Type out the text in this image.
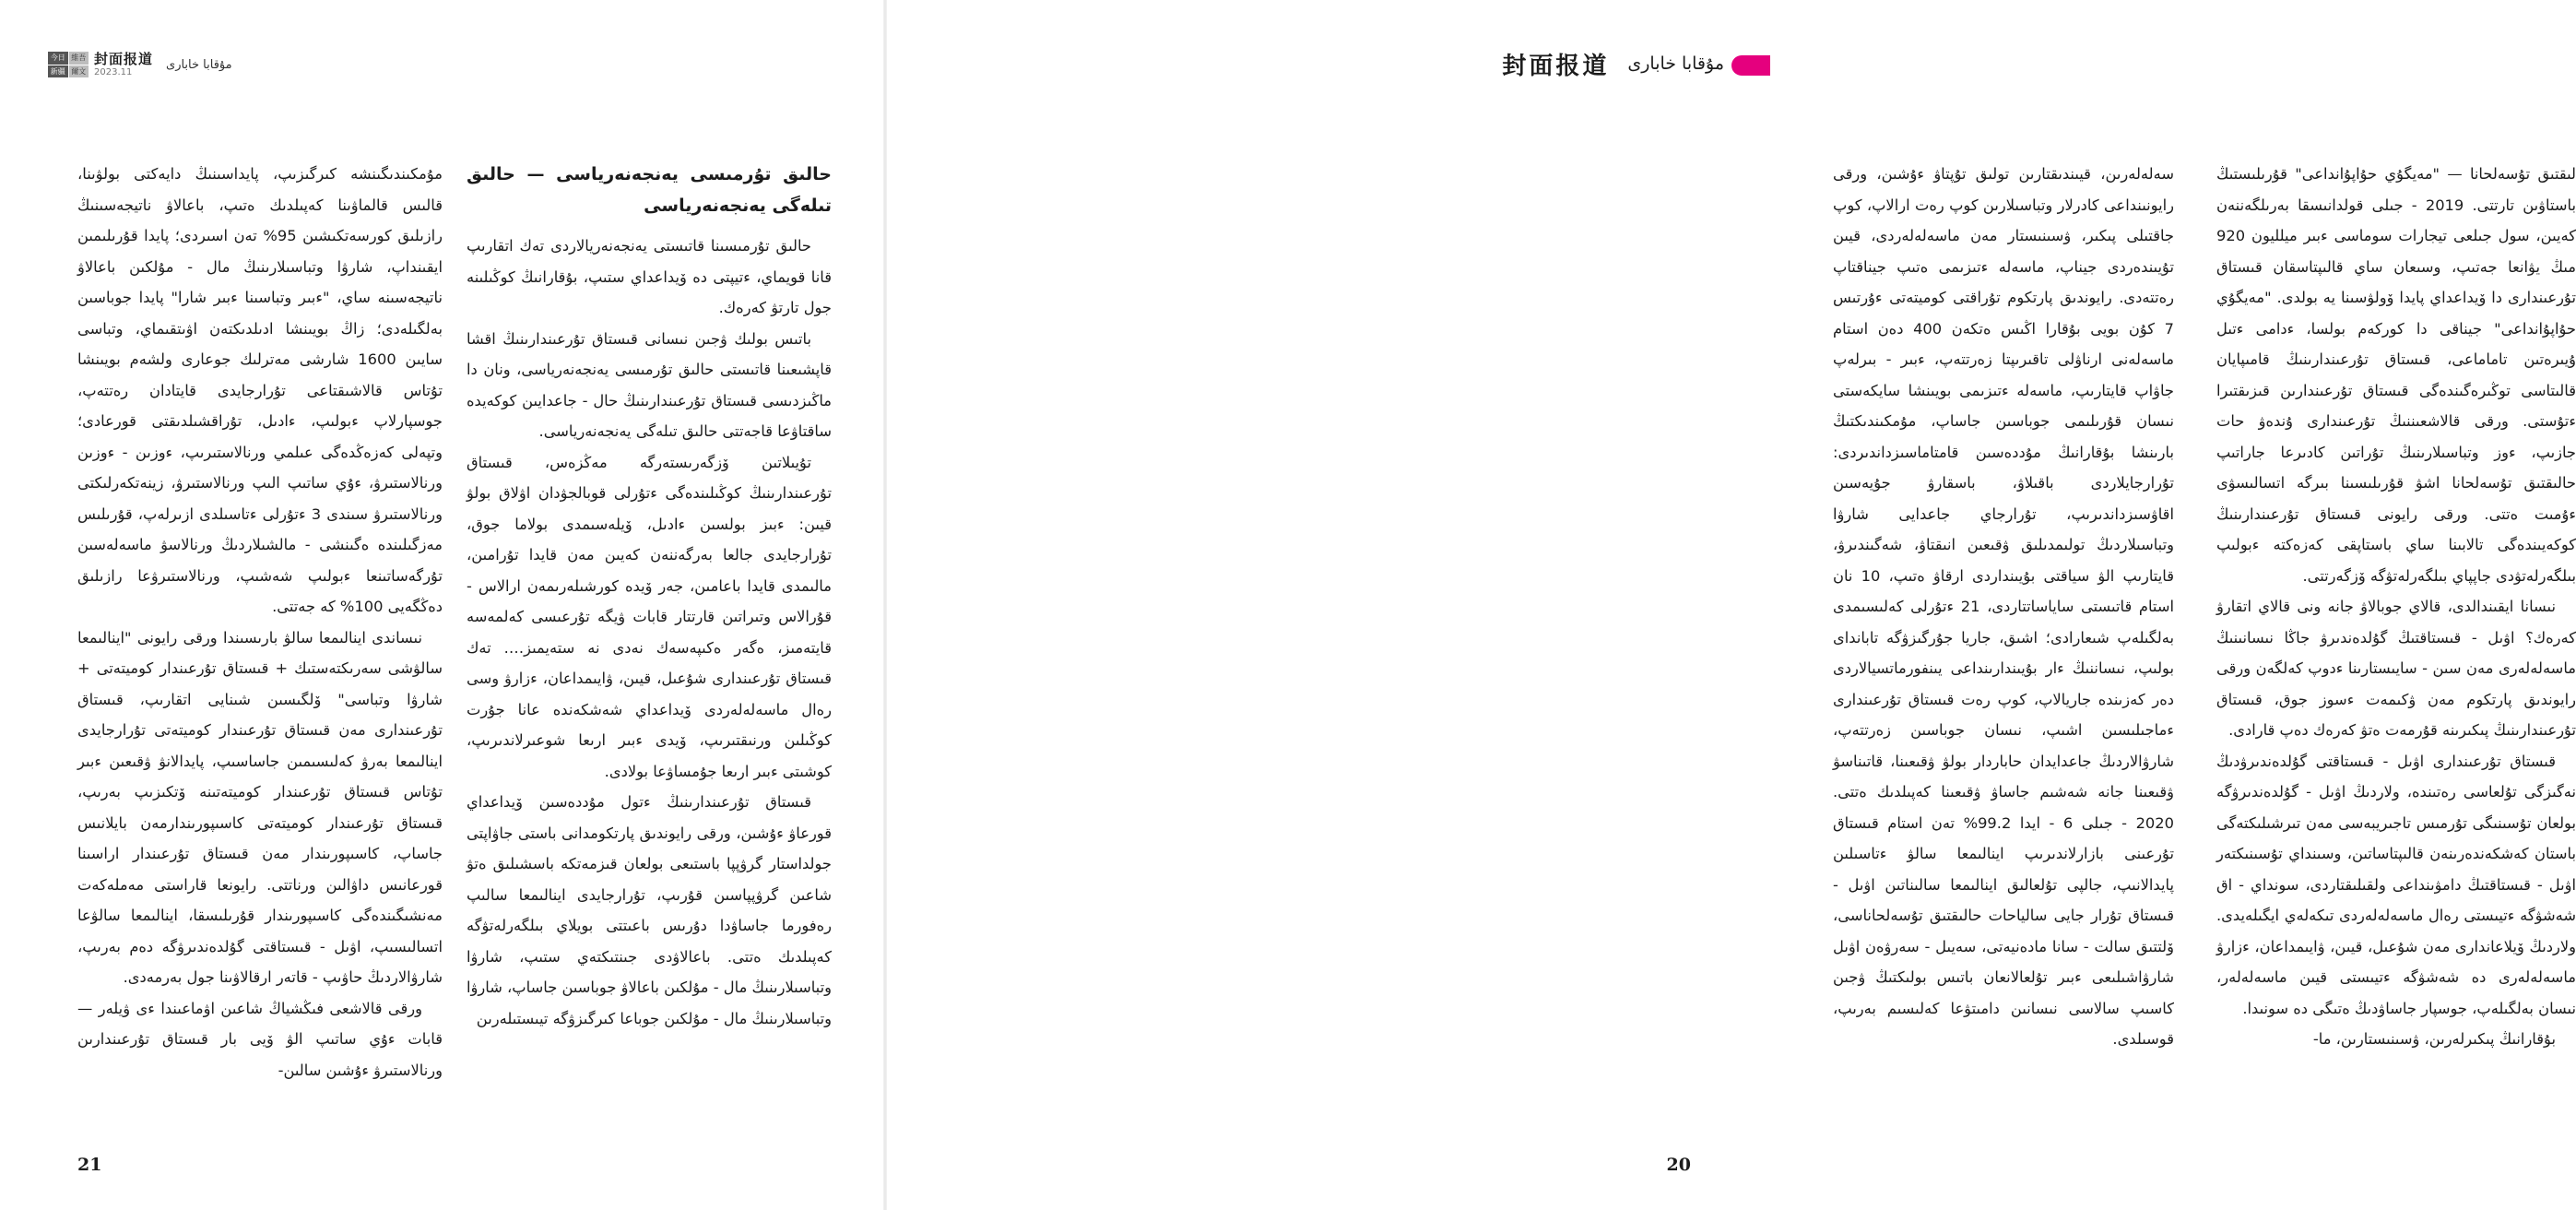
今日 維吾
新疆 爾文
封面报道
2023.11
مۇقابا خابارى
حالىق تۇرمىسى يەنجەنەرياسى — حالىق تىلەگى يەنجەنەرياسى

حالىق تۇرمىسىنا قاتىستى يەنجەنەريالاردى تەك اتقارىپ قانا قويماي، ءتيپتى دە ۆيداعداي ستىپ، بۇقارانىڭ كوڭىلىنە جول تارتۋ كەرەك.

باتىس بولىك ۋجىن نىسانى قىستاق تۇرعىندارىنىڭ اقشا قاپشىعىنا قاتىستى حالىق تۇرمىسى يەنجەنەرياسى، ونان دا ماڭىزدىسى قىستاق تۇرعىندارىنىڭ حال - جاعدايىن كوكەيدە ساقتاۋعا قاجەتتى حالىق تىلەگى يەنجەنەرياسى.

تۇيىلاتىن ۆزگەرىستەرگە مەڭزەس، قىستاق تۇرعىندارىنىڭ كوڭىلىندەگى ءتۇرلى قوبالجۋدان اۋلاق بولۋ قيىن: ءبىز بولسىن ءادىل، ۆيلەسىمدى بولاما جوق، تۇرارجايدى جالعا بەرگەننەن كەيىن مەن قايدا تۇرامىن، مالىمدى قايدا باعامىن، جەر ۆيدە كورشىلەرىمەن ارالاس - قۇرالاس وتىراتىن قارتتار قابات ۋيگە تۇرعىسى كەلمەسە قايتەمىز، ەگەر ەكىپەسەك نەدى نە ستەيمىز…. تەك قىستاق تۇرعىندارى شۇعىل، قيىن، ۋايىمداعان، ءزارۋ وسى رەال ماسەلەلەردى ۆيداعداي شەشكەندە عانا جۇرت كوڭىلىن ورنىقتىرىپ، ۆيدى ءبىر ارىعا شوعىرلاندىرىپ، كوشىتى ءبىر ارىعا جۇمساۋعا بولادى.

قىستاق تۇرعىندارىنىڭ ءتول مۇددەسىن ۆيداعداي قورعاۋ ءۇشىن، ورقى رايوندىق پارتكومدانى باستى جاۋاپتى جولداستار گرۋپپا باستىعى بولعان قىزمەتكە باسشىلىق ەتۋ شاعىن گرۋپپاسىن قۇرىپ، تۇرارجايدى اينالىمعا سالىپ رەفورما جاساۋدا دۇرىس باعىتتى بويلاي بىلگەرلەتۋگە كەپىلدىك ەتتى. باعالاۋدى جىنتىكتەي ستىپ، شارۋا وتباسىلارىنىڭ مال - مۇلكىن باعالاۋ جوباسىن جاساپ، شارۋا وتباسىلارىنىڭ مال - مۇلكىن جوباعا كىرگىزۋگە تيىستىلەرىن

مۇمكىندىگىنشە كىرگىزىپ، پايداسىنىڭ دايەكتى بولۋىنا، قالىس قالماۋىنا كەپىلدىك ەتىپ، باعالاۋ ناتيجەسىنىڭ رازىلىق كورسەتكىشىن 95% تەن اسىردى؛ پايدا قۇرىلىمىن ايقىنداپ، شارۋا وتباسىلارىنىڭ مال - مۇلكىن باعالاۋ ناتيجەسىنە ساي، "ءبىر وتباسىنا ءبىر شارا" پايدا جوباسىن بەلگىلەدى؛ زاڭ بويىنشا ادىلدىكتەن اۋىتقىماي، وتباسى سايىن 1600 شارشى مەترلىك جوعارى ولشەم بويىنشا تۇتاس قالاشىقتاعى تۇرارجايدى قايتادان رەتتەپ، جوسپارلاپ ءبولىپ، ءادىل، تۇراقشىلدىقتى قورعادى؛ وتپەلى كەزەڭدەگى عىلمي ورنالاستىرىپ، ءوزىن - ءوزىن ورنالاستىرۋ، ءۇي ساتىپ الىپ ورنالاستىرۋ، زينەتكەرلىكتى ورنالاستىرۋ سىندى 3 ءتۇرلى ءتاسىلدى ازىرلەپ، قۇرىلىس مەزگىلىندە ەگىنشى - مالشىلاردىڭ ورنالاسۋ ماسەلەسىن تۇرگەساتىنعا ءبولىپ شەشىپ، ورنالاستىرۋعا رازىلىق دەڭگەيى 100% كە جەتتى.

نىساندى اينالىمعا سالۋ بارىسىندا ورقى رايونى "اينالىمعا سالۋشى سەرىكتەستىك + قىستاق تۇرعىندار كوميتەتى + شارۋا وتباسى" ۆلگىسىن شىنايى اتقارىپ، قىستاق تۇرعىندارى مەن قىستاق تۇرعىندار كوميتەتى تۇرارجايدى اينالىمعا بەرۋ كەلىسىمىن جاساسىپ، پايدالانۋ ۋقىعىن ءبىر تۇتاس قىستاق تۇرعىندار كوميتەتىنە ۆتكىزىپ بەرىپ، قىستاق تۇرعىندار كوميتەتى كاسىپورىندارمەن بايلانىس جاساپ، كاسىپورىندار مەن قىستاق تۇرعىندار اراسىنا قورعانىس داۋالىن ورناتتى. رايونعا قاراستى مەملەكەت مەنشىگىندەگى كاسىپورىندار قۇرىلىسقا، اينالىمعا سالۋعا اتسالىسىپ، اۋىل - قىستاقتى گۇلدەندىرۋگە دەم بەرىپ، شارۋالاردىڭ حاۋىپ - قاتەر ارقالاۋىنا جول بەرمەدى.

ورقى قالاشعى فىڭشياڭ شاعىن اۋماعىندا ءى ۋيلەر — قابات ءۇي ساتىپ الۋ ۆيى بار قىستاق تۇرعىندارىن ورنالاستىرۋ ءۇشىن سالىن-

21
封面报道 مۇقابا خابارى

سەلەلەرىن، قيىندىقتارىن تولىق تۇپتاۋ ءۇشىن، ورقى رايونىنداعى كادرلار وتباسىلارىن كوپ رەت ارالاپ، كوپ جاقتىلى پىكىر، ۋسىنىستار مەن ماسەلەلەردى، قيىن تۇيىندەردى جيناپ، ماسەلە ءتىزىمى ەتىپ جيناقتاپ رەتتەدى. رايوندىق پارتكوم تۇراقتى كوميتەتى ءۇرتىس 7 كۇن بويى بۇقارا اڭىس ەتكەن 400 دەن استام ماسەلەنى ارناۋلى تاقىرىپتا زەرتتەپ، ءبىر - بىرلەپ جاۋاپ قايتارىپ، ماسەلە ءتىزىمى بويىنشا سايكەستى نىسان قۇرىلىمى جوباسىن جاساپ، مۇمكىندىكتىڭ بارىنشا بۇقارانىڭ مۇددەسىن قامتاماسىزداندىردى: تۇرارجايلاردى باقىلاۋ، باسقارۋ جۇيەسىن اقاۋسىزداندىرىپ، تۇرارجاي جاعدايى شارۋا وتباسىلاردىڭ تولىمدىلىق ۋقىعىن انىقتاۋ، شەگىندىرۋ، قايتارىپ الۋ سياقتى بۇيىنداردى ارقاۋ ەتىپ، 10 نان استام قاتىستى ساياساتتاردى، 21 ءتۇرلى كەلىسىمدى بەلگىلەپ شىعارادى؛ اشىق، جاريا جۇرگىزۋگە تابانداى بولىپ، نىساننىڭ ءار بۇيىندارىنداعى يىنفورماتسيالاردى دەر كەزىندە جاريالاپ، كوپ رەت قىستاق تۇرعىندارى ءماجىلىسىن اشىپ، نىسان جوباسىن زەرتتەپ، شارۋالاردىڭ جاعدايدان حاباردار بولۋ ۋقىعىنا، قاتىناسۋ ۋقىعىنا جانە شەشىم جاساۋ ۋقىعىنا كەپىلدىك ەتتى. 2020 - جىلى 6 - ايدا 99.2% تەن استام قىستاق تۇرعىنى بازارلاندىرىپ اينالىمعا سالۋ ءتاسىلىن پايدالانىپ، جالپى تۇلعالىق اينالىمعا سالىناتىن اۋىل - قىستاق تۇرار جايى سالياحات حالىقتىق تۇسەلحاناسى، ۆلتتىق سالت - سانا مادەنيەتى، سەيىل - سەرۋەن اۋىل شارۋاشىلىعى ءبىر تۇلعالانعان باتىس بولىكتىڭ ۋجىن كاسىپ سالاسى نىسانىن دامىتۋعا كەلىسىم بەرىپ، قوسىلدى.

لىقتىق تۇسەلحانا — "مەيگۇي حۇاپۇانداعى" قۇرىلىستىڭ باستاۋىن تارتتى. 2019 - جىلى قولدانىسقا بەرىلگەننەن كەيىن، سول جىلعى تيجارات سوماسى ءبىر ميلليون 920 مىڭ يۋانعا جەتىپ، وسىعان ساي قالىپتاسقان قىستاق تۇرعىندارى دا ۆيداعداي پايدا ۆولۋسىنا يە بولدى. "مەيگۇي حۇاپۇانداعى" جيناقى دا كوركەم بولسا، ءدامى ءتىل ۇيىرەتىن تاماماعى، قىستاق تۇرعىندارىنىڭ قامىپايان قالىتاسى توڭىرەگىندەگى قىستاق تۇرعىندارىن قىزىقتىرا ءتۇستى. ورقى قالاشعىننىڭ تۇرعىندارى ۇندەۋ حات جازىپ، ءوز وتباسىلارىنىڭ تۇراتىن كادىرعا جاراتىپ حالىقتىق تۇسەلحانا اشۋ قۇرىلىسىنا بىرگە اتسالىسۋى ءۇمىت ەتتى. ورقى رايونى قىستاق تۇرعىندارىنىڭ كوكەيىندەگى تالابىنا ساي باستاپقى كەزەكتە ءبولىپ بىلگەرلەتۋدى جاپپاي بىلگەرلەتۋگە ۆزگەرتتى.

نىسانا ايقىندالدى، قالاي جوبالاۋ جانە ونى قالاي اتقارۋ كەرەك؟ اۋىل - قىستاقتىڭ گۇلدەندىرۋ جاڭا نىسانىنىڭ ماسەلەلەرى مەن سىن - سايىستارىنا ءدوپ كەلگەن ورقى رايوندىق پارتكوم مەن ۋكىمەت ءسوز جوق، قىستاق تۇرعىندارىنىڭ پىكىرىنە قۇرمەت ەتۋ كەرەك دەپ قارادى.

قىستاق تۇرعىندارى اۋىل - قىستاقتى گۇلدەندىرۋدىڭ نەگىزگى تۇلعاسى رەتىندە، ولاردىڭ اۋىل - گۇلدەندىرۋگە بولعان تۇسىنىگى تۇرمىس تاجىريبەسى مەن تىرشىلىكتەگى باستان كەشكەندەرىنەن قالىپتاساتىن، وسىنداي تۇسىنىكتەر اۋىل - قىستاقتىڭ دامۋىنداعى ولقىلىقتاردى، سونداي - اق شەشۋگە ءتيىستى رەال ماسەلەلەردى تىكەلەي ايگىلەيدى. ولاردىڭ ۆيلاعاندارى مەن شۇعىل، قيىن، ۋايىمداعان، ءزارۋ ماسەلەلەرى دە شەشۋگە ءتيىستى قيىن ماسەلەلەر، نىسان بەلگىلەپ، جوسپار جاساۋدىڭ ەتىگى دە سونىدا.

بۇقارانىڭ پىكىرلەرىن، ۋسىنىستارىن، ما-

20
